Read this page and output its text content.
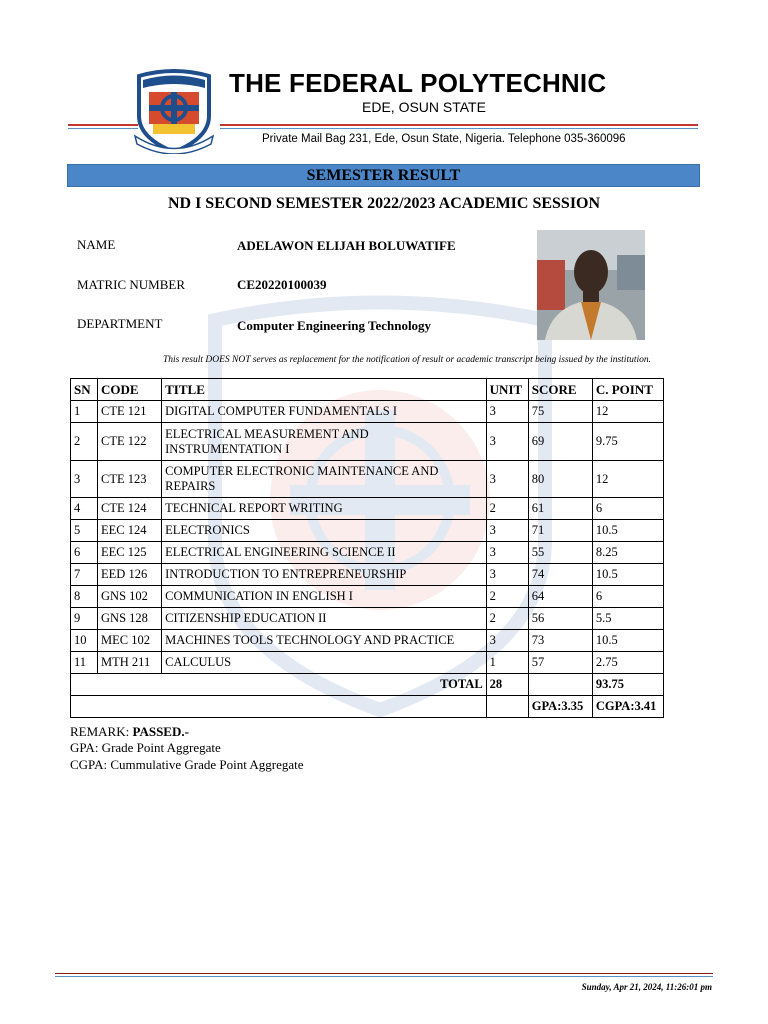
THE FEDERAL POLYTECHNIC
EDE, OSUN STATE
Private Mail Bag 231, Ede, Osun State, Nigeria. Telephone 035-360096
SEMESTER RESULT
ND I SECOND SEMESTER 2022/2023 ACADEMIC SESSION
NAME	ADELAWON ELIJAH BOLUWATIFE
MATRIC NUMBER	CE20220100039
DEPARTMENT	Computer Engineering Technology
This result DOES NOT serves as replacement for the notification of result or academic transcript being issued by the institution.
SN	CODE	TITLE	UNIT	SCORE	C. POINT
1	CTE 121	DIGITAL COMPUTER FUNDAMENTALS I	3	75	12
2	CTE 122	ELECTRICAL MEASUREMENT AND INSTRUMENTATION I	3	69	9.75
3	CTE 123	COMPUTER ELECTRONIC MAINTENANCE AND REPAIRS	3	80	12
4	CTE 124	TECHNICAL REPORT WRITING	2	61	6
5	EEC 124	ELECTRONICS	3	71	10.5
6	EEC 125	ELECTRICAL ENGINEERING SCIENCE II	3	55	8.25
7	EED 126	INTRODUCTION TO ENTREPRENEURSHIP	3	74	10.5
8	GNS 102	COMMUNICATION IN ENGLISH I	2	64	6
9	GNS 128	CITIZENSHIP EDUCATION II	2	56	5.5
10	MEC 102	MACHINES TOOLS TECHNOLOGY AND PRACTICE	3	73	10.5
11	MTH 211	CALCULUS	1	57	2.75
TOTAL			28		93.75
				GPA:3.35	CGPA:3.41
REMARK: PASSED.-
GPA: Grade Point Aggregate
CGPA: Cummulative Grade Point Aggregate
Sunday, Apr 21, 2024, 11:26:01 pm
